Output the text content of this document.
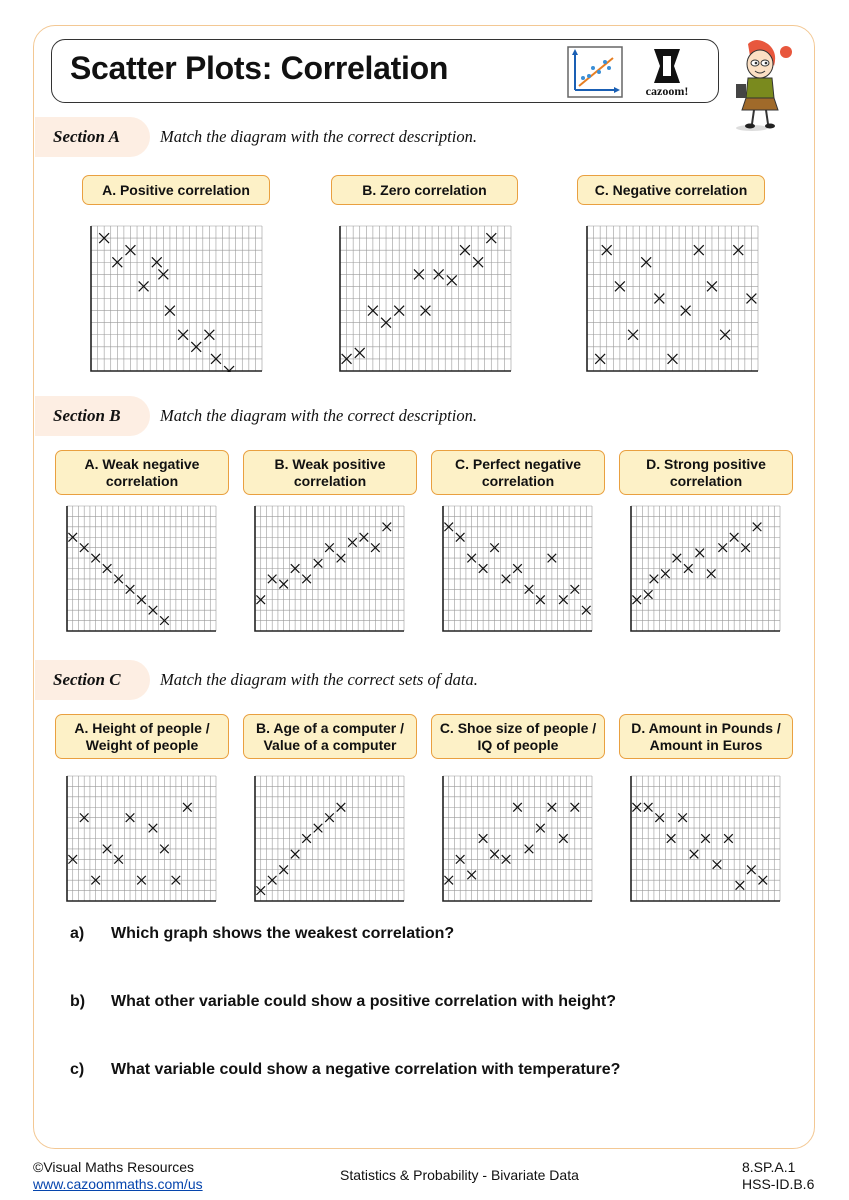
Scatter Plots: Correlation
cazoom!
Section A Match the diagram with the correct description.
A. Positive correlation	B. Zero correlation	C. Negative correlation
Section B Match the diagram with the correct description.
A. Weak negative
correlation
B. Weak positive
correlation
C. Perfect negative
correlation
D. Strong positive
correlation
Section C Match the diagram with the correct sets of data.
A. Height of people /
Weight of people
B. Age of a computer /
Value of a computer
C. Shoe size of people /
IQ of people
D. Amount in Pounds /
Amount in Euros
a) Which graph shows the weakest correlation?
b) What other variable could show a positive correlation with height?
c) What variable could show a negative correlation with temperature?
©Visual Maths Resources
www.cazoommaths.com/us
Statistics & Probability - Bivariate Data	8.SP.A.1
HSS-ID.B.6
